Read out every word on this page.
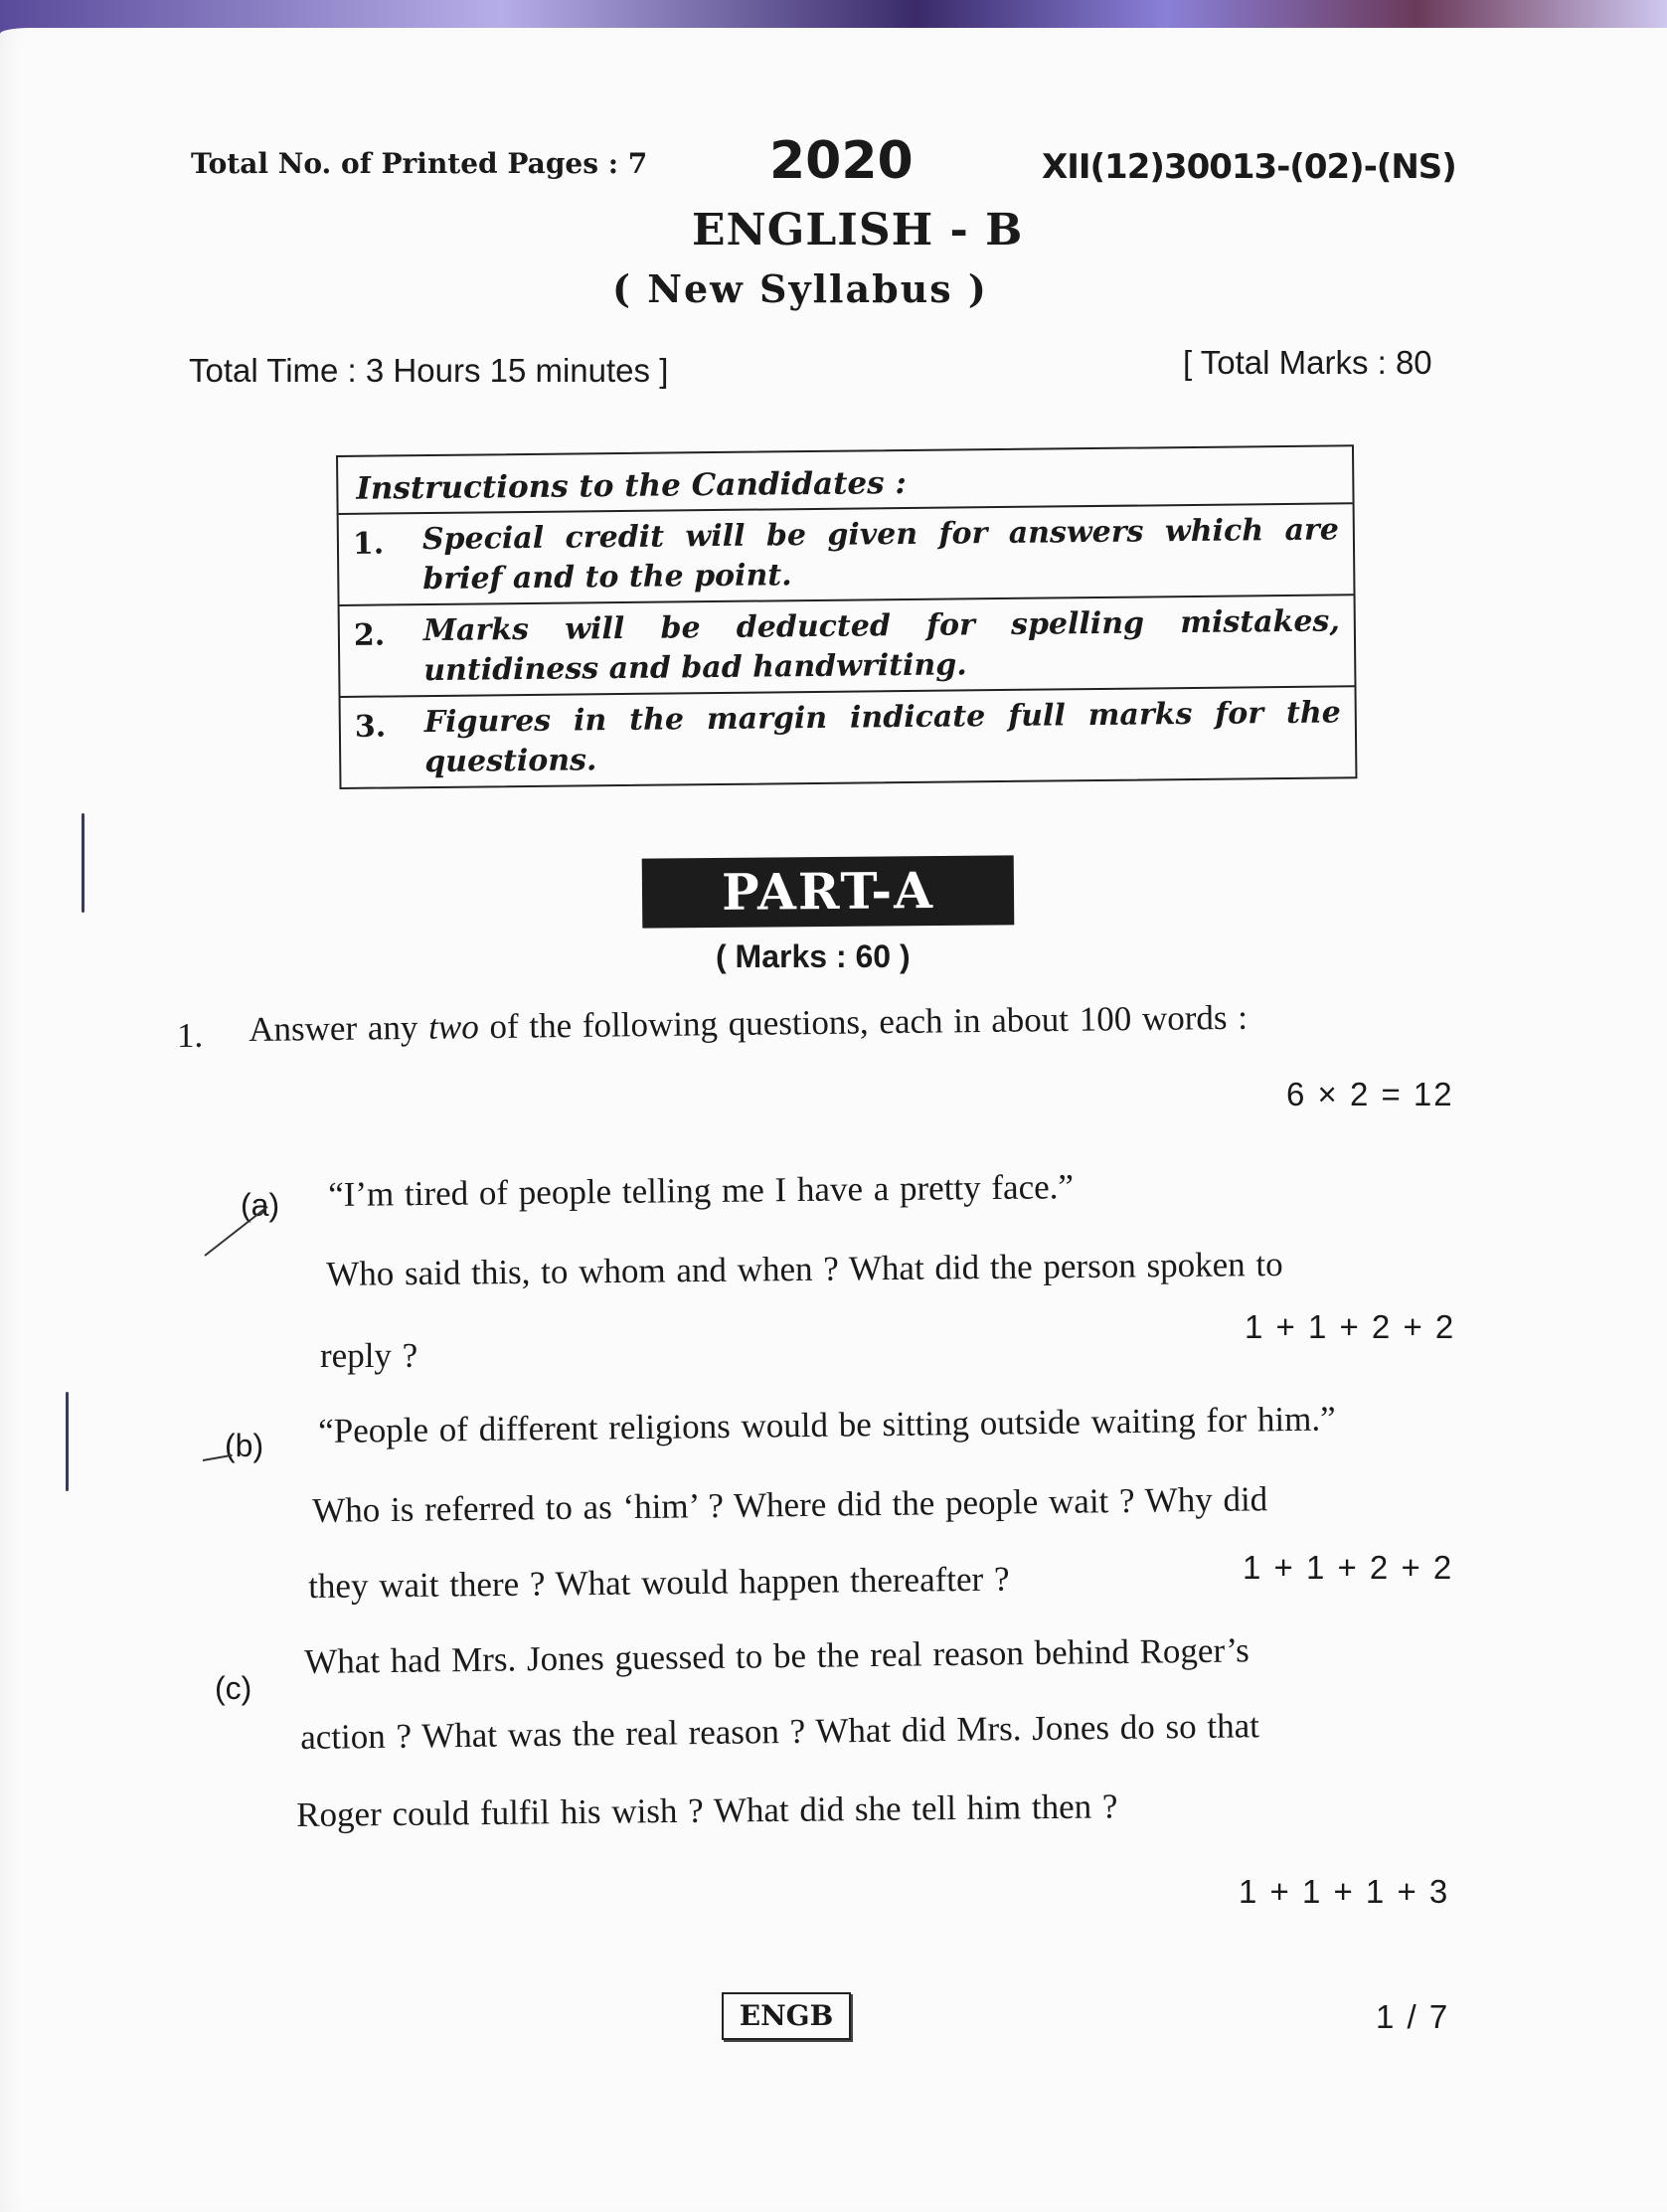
Total No. of Printed Pages : 7 2020	XII(12)30013-(02)-(NS)
ENGLISH - B
( New Syllabus )
Total Time : 3 Hours 15 minutes ]	[ Total Marks : 80
Instructions to the Candidates :
1.	Special credit will be given for answers which are brief and to the point.
2.	Marks will be deducted for spelling mistakes, untidiness and bad handwriting.
3.	Figures in the margin indicate full marks for the questions.
PART-A
( Marks : 60 )
1. Answer any two of the following questions, each in about 100 words :
6 × 2 = 12
(a) “I’m tired of people telling me I have a pretty face.”
Who said this, to whom and when ? What did the person spoken to
reply ?
1 + 1 + 2 + 2
(b) “People of different religions would be sitting outside waiting for him.”
Who is referred to as ‘him’ ? Where did the people wait ? Why did
they wait there ? What would happen thereafter ?	1 + 1 + 2 + 2
(c)
What had Mrs. Jones guessed to be the real reason behind Roger’s
action ? What was the real reason ? What did Mrs. Jones do so that
Roger could fulfil his wish ? What did she tell him then ?
1 + 1 + 1 + 3
ENGB	1 / 7
